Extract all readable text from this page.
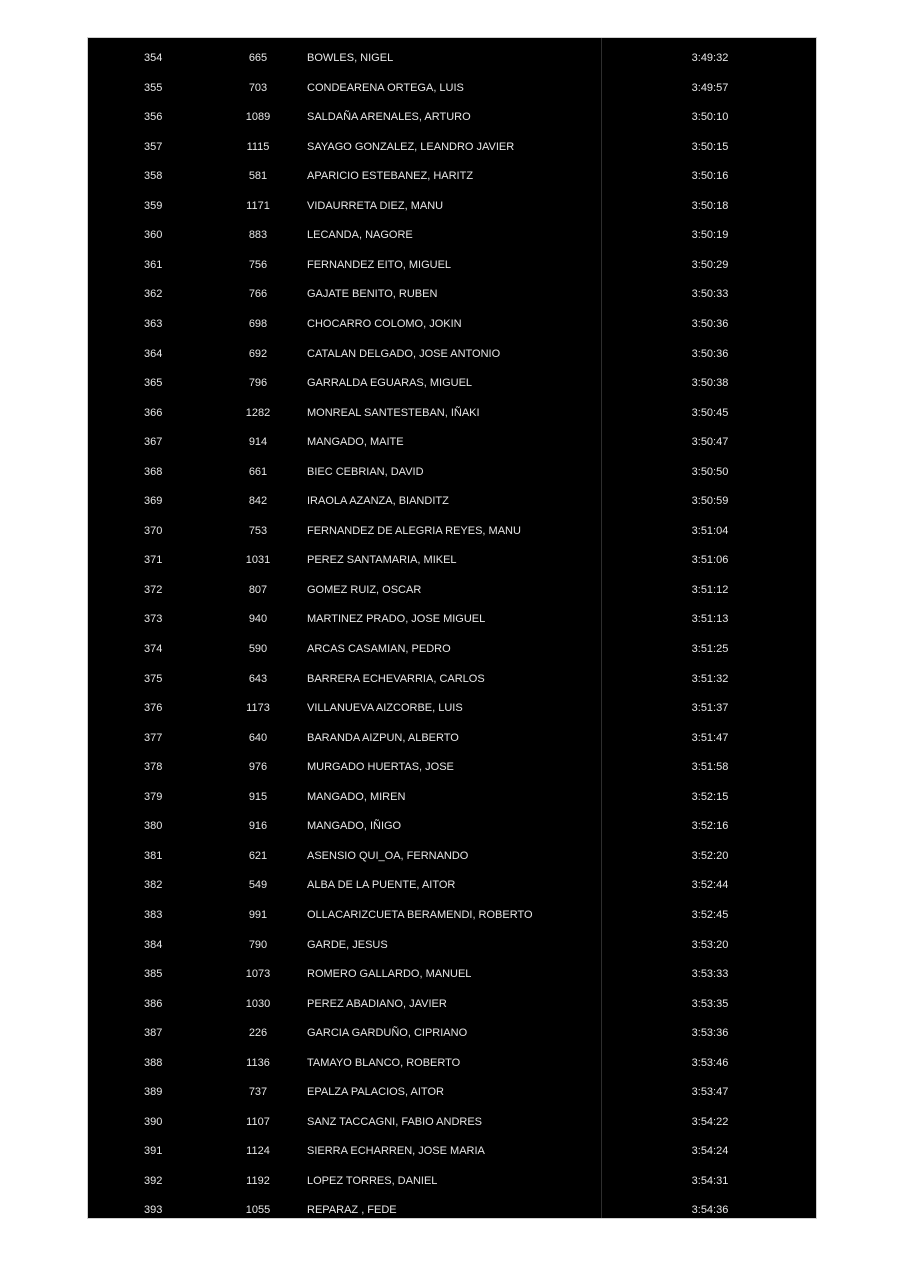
354	665	BOWLES, NIGEL	3:49:32
355	703	CONDEARENA ORTEGA, LUIS	3:49:57
356	1089	SALDAÑA ARENALES, ARTURO	3:50:10
357	1115	SAYAGO GONZALEZ, LEANDRO JAVIER	3:50:15
358	581	APARICIO ESTEBANEZ, HARITZ	3:50:16
359	1171	VIDAURRETA DIEZ, MANU	3:50:18
360	883	LECANDA, NAGORE	3:50:19
361	756	FERNANDEZ EITO, MIGUEL	3:50:29
362	766	GAJATE BENITO, RUBEN	3:50:33
363	698	CHOCARRO COLOMO, JOKIN	3:50:36
364	692	CATALAN DELGADO, JOSE ANTONIO	3:50:36
365	796	GARRALDA EGUARAS, MIGUEL	3:50:38
366	1282	MONREAL SANTESTEBAN, IÑAKI	3:50:45
367	914	MANGADO, MAITE	3:50:47
368	661	BIEC CEBRIAN, DAVID	3:50:50
369	842	IRAOLA AZANZA, BIANDITZ	3:50:59
370	753	FERNANDEZ DE ALEGRIA REYES, MANU	3:51:04
371	1031	PEREZ SANTAMARIA, MIKEL	3:51:06
372	807	GOMEZ RUIZ, OSCAR	3:51:12
373	940	MARTINEZ PRADO, JOSE MIGUEL	3:51:13
374	590	ARCAS CASAMIAN, PEDRO	3:51:25
375	643	BARRERA ECHEVARRIA, CARLOS	3:51:32
376	1173	VILLANUEVA AIZCORBE, LUIS	3:51:37
377	640	BARANDA AIZPUN, ALBERTO	3:51:47
378	976	MURGADO HUERTAS, JOSE	3:51:58
379	915	MANGADO, MIREN	3:52:15
380	916	MANGADO, IÑIGO	3:52:16
381	621	ASENSIO QUI_OA, FERNANDO	3:52:20
382	549	ALBA DE LA PUENTE, AITOR	3:52:44
383	991	OLLACARIZCUETA BERAMENDI, ROBERTO	3:52:45
384	790	GARDE, JESUS	3:53:20
385	1073	ROMERO GALLARDO, MANUEL	3:53:33
386	1030	PEREZ ABADIANO, JAVIER	3:53:35
387	226	GARCIA GARDUÑO, CIPRIANO	3:53:36
388	1136	TAMAYO BLANCO, ROBERTO	3:53:46
389	737	EPALZA PALACIOS, AITOR	3:53:47
390	1107	SANZ TACCAGNI, FABIO ANDRES	3:54:22
391	1124	SIERRA ECHARREN, JOSE MARIA	3:54:24
392	1192	LOPEZ TORRES, DANIEL	3:54:31
393	1055	REPARAZ , FEDE	3:54:36
